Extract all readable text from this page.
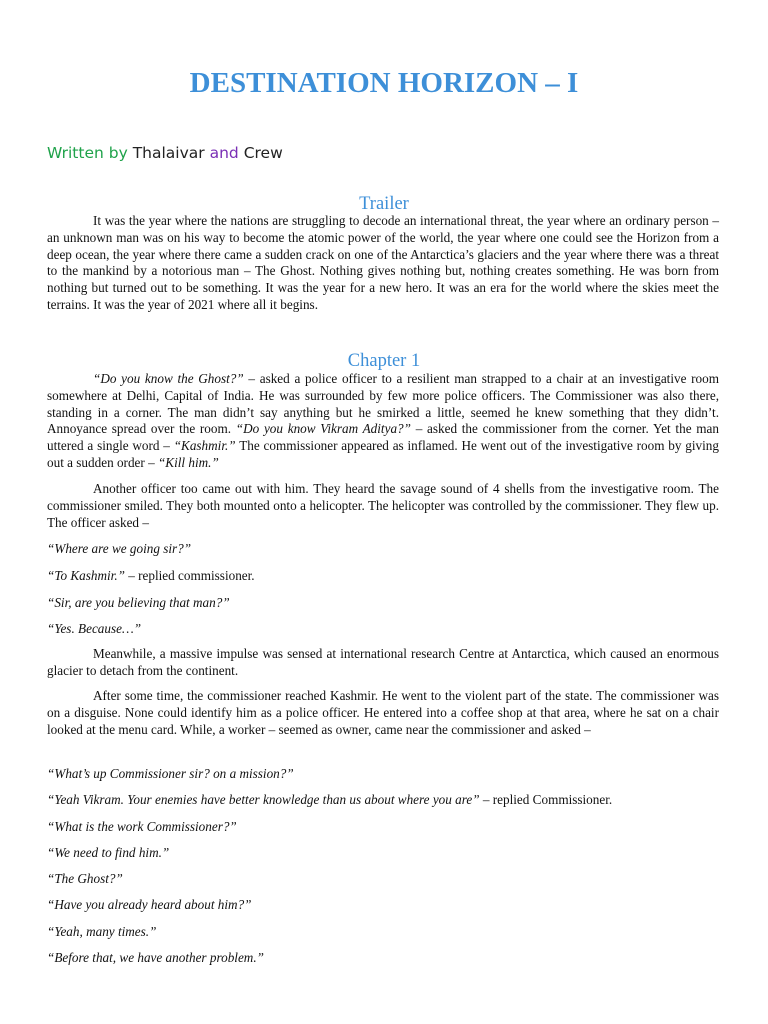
DESTINATION HORIZON – I

Written by Thalaivar and Crew

Trailer

It was the year where the nations are struggling to decode an international threat, the year where an ordinary person – an unknown man was on his way to become the atomic power of the world, the year where one could see the Horizon from a deep ocean, the year where there came a sudden crack on one of the Antarctica’s glaciers and the year where there was a threat to the mankind by a notorious man – The Ghost. Nothing gives nothing but, nothing creates something. He was born from nothing but turned out to be something. It was the year for a new hero. It was an era for the world where the skies meet the terrains. It was the year of 2021 where all it begins.

Chapter 1

“Do you know the Ghost?” – asked a police officer to a resilient man strapped to a chair at an investigative room somewhere at Delhi, Capital of India. He was surrounded by few more police officers. The Commissioner was also there, standing in a corner. The man didn’t say anything but he smirked a little, seemed he knew something that they didn’t. Annoyance spread over the room. “Do you know Vikram Aditya?” – asked the commissioner from the corner. Yet the man uttered a single word – “Kashmir.” The commissioner appeared as inflamed. He went out of the investigative room by giving out a sudden order – “Kill him.”

Another officer too came out with him. They heard the savage sound of 4 shells from the investigative room. The commissioner smiled. They both mounted onto a helicopter. The helicopter was controlled by the commissioner. They flew up. The officer asked –

“Where are we going sir?”

“To Kashmir.” – replied commissioner.

“Sir, are you believing that man?”

“Yes. Because…”

Meanwhile, a massive impulse was sensed at international research Centre at Antarctica, which caused an enormous glacier to detach from the continent.

After some time, the commissioner reached Kashmir. He went to the violent part of the state. The commissioner was on a disguise. None could identify him as a police officer. He entered into a coffee shop at that area, where he sat on a chair looked at the menu card. While, a worker – seemed as owner, came near the commissioner and asked –

“What’s up Commissioner sir? on a mission?”

“Yeah Vikram. Your enemies have better knowledge than us about where you are” – replied Commissioner.

“What is the work Commissioner?”

“We need to find him.”

“The Ghost?”

“Have you already heard about him?”

“Yeah, many times.”

“Before that, we have another problem.”
